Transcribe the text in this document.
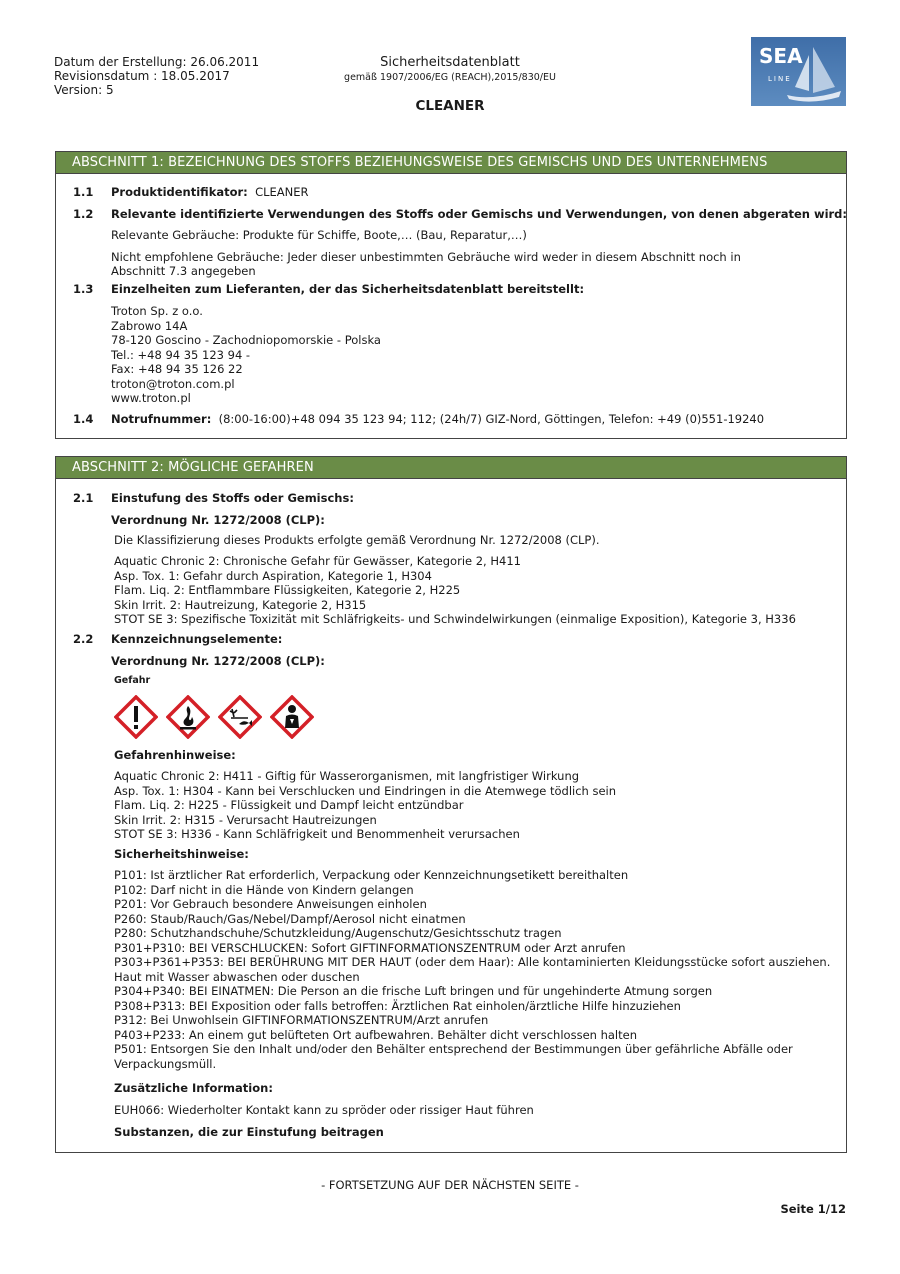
Datum der Erstellung: 26.06.2011
Revisionsdatum : 18.05.2017
Version: 5
Sicherheitsdatenblatt
gemäß 1907/2006/EG (REACH),2015/830/EU
CLEANER
SEA
LINE
ABSCHNITT 1: BEZEICHNUNG DES STOFFS BEZIEHUNGSWEISE DES GEMISCHS UND DES UNTERNEHMENS
1.1 Produktidentifikator: CLEANER
1.2 Relevante identifizierte Verwendungen des Stoffs oder Gemischs und Verwendungen, von denen abgeraten wird:
Relevante Gebräuche: Produkte für Schiffe, Boote,… (Bau, Reparatur,…)
Nicht empfohlene Gebräuche: Jeder dieser unbestimmten Gebräuche wird weder in diesem Abschnitt noch in Abschnitt 7.3 angegeben
1.3 Einzelheiten zum Lieferanten, der das Sicherheitsdatenblatt bereitstellt:
Troton Sp. z o.o.
Zabrowo 14A
78-120 Goscino - Zachodniopomorskie - Polska
Tel.: +48 94 35 123 94 -
Fax: +48 94 35 126 22
troton@troton.com.pl
www.troton.pl
1.4 Notrufnummer: (8:00-16:00)+48 094 35 123 94; 112; (24h/7) GIZ-Nord, Göttingen, Telefon: +49 (0)551-19240
ABSCHNITT 2: MÖGLICHE GEFAHREN
2.1 Einstufung des Stoffs oder Gemischs:
Verordnung Nr. 1272/2008 (CLP):
Die Klassifizierung dieses Produkts erfolgte gemäß Verordnung Nr. 1272/2008 (CLP).
Aquatic Chronic 2: Chronische Gefahr für Gewässer, Kategorie 2, H411
Asp. Tox. 1: Gefahr durch Aspiration, Kategorie 1, H304
Flam. Liq. 2: Entflammbare Flüssigkeiten, Kategorie 2, H225
Skin Irrit. 2: Hautreizung, Kategorie 2, H315
STOT SE 3: Spezifische Toxizität mit Schläfrigkeits- und Schwindelwirkungen (einmalige Exposition), Kategorie 3, H336
2.2 Kennzeichnungselemente:
Verordnung Nr. 1272/2008 (CLP):
Gefahr
Gefahrenhinweise:
Aquatic Chronic 2: H411 - Giftig für Wasserorganismen, mit langfristiger Wirkung
Asp. Tox. 1: H304 - Kann bei Verschlucken und Eindringen in die Atemwege tödlich sein
Flam. Liq. 2: H225 - Flüssigkeit und Dampf leicht entzündbar
Skin Irrit. 2: H315 - Verursacht Hautreizungen
STOT SE 3: H336 - Kann Schläfrigkeit und Benommenheit verursachen
Sicherheitshinweise:
P101: Ist ärztlicher Rat erforderlich, Verpackung oder Kennzeichnungsetikett bereithalten
P102: Darf nicht in die Hände von Kindern gelangen
P201: Vor Gebrauch besondere Anweisungen einholen
P260: Staub/Rauch/Gas/Nebel/Dampf/Aerosol nicht einatmen
P280: Schutzhandschuhe/Schutzkleidung/Augenschutz/Gesichtsschutz tragen
P301+P310: BEI VERSCHLUCKEN: Sofort GIFTINFORMATIONSZENTRUM oder Arzt anrufen
P303+P361+P353: BEI BERÜHRUNG MIT DER HAUT (oder dem Haar): Alle kontaminierten Kleidungsstücke sofort ausziehen. Haut mit Wasser abwaschen oder duschen
P304+P340: BEI EINATMEN: Die Person an die frische Luft bringen und für ungehinderte Atmung sorgen
P308+P313: BEI Exposition oder falls betroffen: Ärztlichen Rat einholen/ärztliche Hilfe hinzuziehen
P312: Bei Unwohlsein GIFTINFORMATIONSZENTRUM/Arzt anrufen
P403+P233: An einem gut belüfteten Ort aufbewahren. Behälter dicht verschlossen halten
P501: Entsorgen Sie den Inhalt und/oder den Behälter entsprechend der Bestimmungen über gefährliche Abfälle oder Verpackungsmüll.
Zusätzliche Information:
EUH066: Wiederholter Kontakt kann zu spröder oder rissiger Haut führen
Substanzen, die zur Einstufung beitragen
- FORTSETZUNG AUF DER NÄCHSTEN SEITE -
Seite 1/12
